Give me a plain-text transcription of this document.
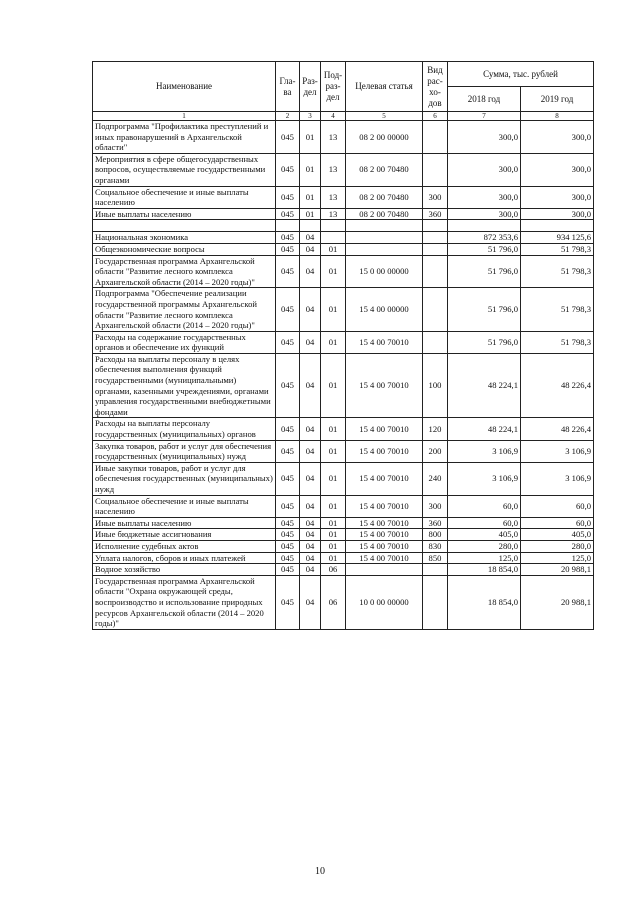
Наименование	Гла-ва	Раз-дел	Под-раз-дел	Целевая статья	Вид рас-хо-дов	Сумма, тыс. рублей	
						2018 год	2019 год
1	2	3	4	5	6	7	8
Подпрограмма "Профилактика преступлений и иных правонарушений в Архангельской области"	045	01	13	08 2 00 00000		300,0	300,0
Мероприятия в сфере общегосударственных вопросов, осуществляемые государственными органами	045	01	13	08 2 00 70480		300,0	300,0
Социальное обеспечение и иные выплаты населению	045	01	13	08 2 00 70480	300	300,0	300,0
Иные выплаты населению	045	01	13	08 2 00 70480	360	300,0	300,0

Национальная экономика	045	04				872 353,6	934 125,6
Общеэкономические вопросы	045	04	01			51 796,0	51 798,3
Государственная программа Архангельской области "Развитие лесного комплекса Архангельской области (2014 – 2020 годы)"	045	04	01	15 0 00 00000		51 796,0	51 798,3
Подпрограмма "Обеспечение реализации государственной программы Архангельской области "Развитие лесного комплекса Архангельской области (2014 – 2020 годы)"	045	04	01	15 4 00 00000		51 796,0	51 798,3
Расходы на содержание государственных органов и обеспечение их функций	045	04	01	15 4 00 70010		51 796,0	51 798,3
Расходы на выплаты персоналу в целях обеспечения выполнения функций государственными (муниципальными) органами, казенными учреждениями, органами управления государственными внебюджетными фондами	045	04	01	15 4 00 70010	100	48 224,1	48 226,4
Расходы на выплаты персоналу государственных (муниципальных) органов	045	04	01	15 4 00 70010	120	48 224,1	48 226,4
Закупка товаров, работ и услуг для обеспечения государственных (муниципальных) нужд	045	04	01	15 4 00 70010	200	3 106,9	3 106,9
Иные закупки товаров, работ и услуг для обеспечения государственных (муниципальных) нужд	045	04	01	15 4 00 70010	240	3 106,9	3 106,9
Социальное обеспечение и иные выплаты населению	045	04	01	15 4 00 70010	300	60,0	60,0
Иные выплаты населению	045	04	01	15 4 00 70010	360	60,0	60,0
Иные бюджетные ассигнования	045	04	01	15 4 00 70010	800	405,0	405,0
Исполнение судебных актов	045	04	01	15 4 00 70010	830	280,0	280,0
Уплата налогов, сборов и иных платежей	045	04	01	15 4 00 70010	850	125,0	125,0
Водное хозяйство	045	04	06			18 854,0	20 988,1
Государственная программа Архангельской области "Охрана окружающей среды, воспроизводство и использование природных ресурсов Архангельской области (2014 – 2020 годы)"	045	04	06	10 0 00 00000		18 854,0	20 988,1
10
